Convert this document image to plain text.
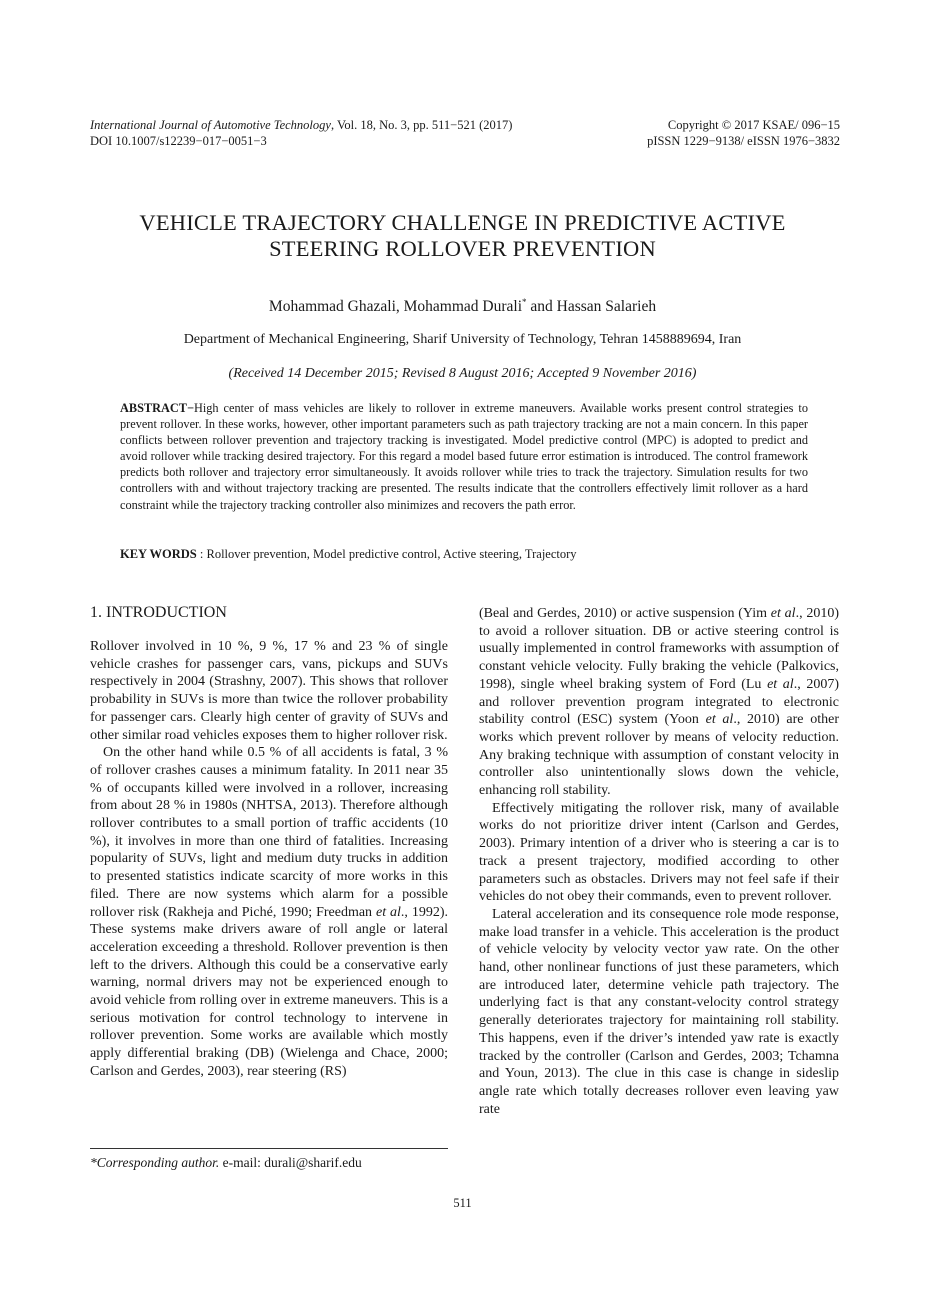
International Journal of Automotive Technology, Vol. 18, No. 3, pp. 511−521 (2017)
DOI 10.1007/s12239−017−0051−3
Copyright © 2017 KSAE/ 096−15
pISSN 1229−9138/ eISSN 1976−3832
VEHICLE TRAJECTORY CHALLENGE IN PREDICTIVE ACTIVE
STEERING ROLLOVER PREVENTION
Mohammad Ghazali, Mohammad Durali* and Hassan Salarieh
Department of Mechanical Engineering, Sharif University of Technology, Tehran 1458889694, Iran
(Received 14 December 2015; Revised 8 August 2016; Accepted 9 November 2016)
ABSTRACT−High center of mass vehicles are likely to rollover in extreme maneuvers. Available works present control strategies to prevent rollover. In these works, however, other important parameters such as path trajectory tracking are not a main concern. In this paper conflicts between rollover prevention and trajectory tracking is investigated. Model predictive control (MPC) is adopted to predict and avoid rollover while tracking desired trajectory. For this regard a model based future error estimation is introduced. The control framework predicts both rollover and trajectory error simultaneously. It avoids rollover while tries to track the trajectory. Simulation results for two controllers with and without trajectory tracking are presented. The results indicate that the controllers effectively limit rollover as a hard constraint while the trajectory tracking controller also minimizes and recovers the path error.
KEY WORDS : Rollover prevention, Model predictive control, Active steering, Trajectory
1. INTRODUCTION

Rollover involved in 10 %, 9 %, 17 % and 23 % of single vehicle crashes for passenger cars, vans, pickups and SUVs respectively in 2004 (Strashny, 2007). This shows that rollover probability in SUVs is more than twice the rollover probability for passenger cars. Clearly high center of gravity of SUVs and other similar road vehicles exposes them to higher rollover risk.

On the other hand while 0.5 % of all accidents is fatal, 3 % of rollover crashes causes a minimum fatality. In 2011 near 35 % of occupants killed were involved in a rollover, increasing from about 28 % in 1980s (NHTSA, 2013). Therefore although rollover contributes to a small portion of traffic accidents (10 %), it involves in more than one third of fatalities. Increasing popularity of SUVs, light and medium duty trucks in addition to presented statistics indicate scarcity of more works in this filed. There are now systems which alarm for a possible rollover risk (Rakheja and Piché, 1990; Freedman et al., 1992). These systems make drivers aware of roll angle or lateral acceleration exceeding a threshold. Rollover prevention is then left to the drivers. Although this could be a conservative early warning, normal drivers may not be experienced enough to avoid vehicle from rolling over in extreme maneuvers. This is a serious motivation for control technology to intervene in rollover prevention. Some works are available which mostly apply differential braking (DB) (Wielenga and Chace, 2000; Carlson and Gerdes, 2003), rear steering (RS)

*Corresponding author. e-mail: durali@sharif.edu

(Beal and Gerdes, 2010) or active suspension (Yim et al., 2010) to avoid a rollover situation. DB or active steering control is usually implemented in control frameworks with assumption of constant vehicle velocity. Fully braking the vehicle (Palkovics, 1998), single wheel braking system of Ford (Lu et al., 2007) and rollover prevention program integrated to electronic stability control (ESC) system (Yoon et al., 2010) are other works which prevent rollover by means of velocity reduction. Any braking technique with assumption of constant velocity in controller also unintentionally slows down the vehicle, enhancing roll stability.

Effectively mitigating the rollover risk, many of available works do not prioritize driver intent (Carlson and Gerdes, 2003). Primary intention of a driver who is steering a car is to track a present trajectory, modified according to other parameters such as obstacles. Drivers may not feel safe if their vehicles do not obey their commands, even to prevent rollover.

Lateral acceleration and its consequence role mode response, make load transfer in a vehicle. This acceleration is the product of vehicle velocity by velocity vector yaw rate. On the other hand, other nonlinear functions of just these parameters, which are introduced later, determine vehicle path trajectory. The underlying fact is that any constant-velocity control strategy generally deteriorates trajectory for maintaining roll stability. This happens, even if the driver’s intended yaw rate is exactly tracked by the controller (Carlson and Gerdes, 2003; Tchamna and Youn, 2013). The clue in this case is change in sideslip angle rate which totally decreases rollover even leaving yaw rate

511
